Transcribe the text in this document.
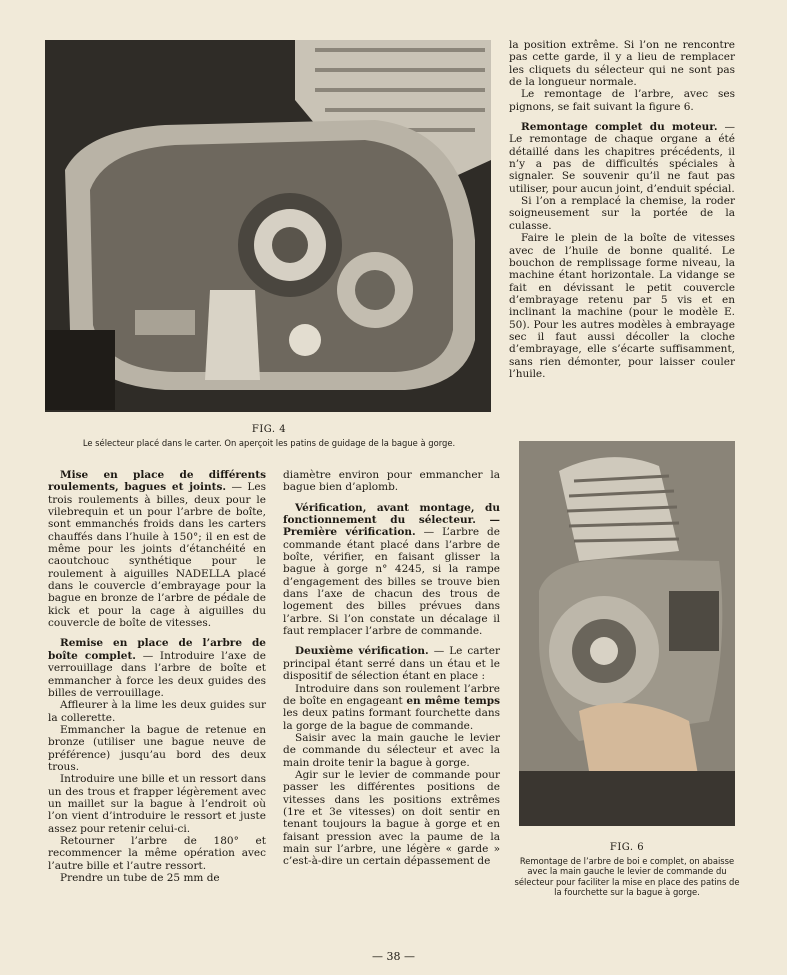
FIG. 4
Le sélecteur placé dans le carter. On aperçoit les patins de guidage de la bague à gorge.

la position extrême. Si l’on ne rencontre pas cette garde, il y a lieu de remplacer les cliquets du sélecteur qui ne sont pas de la longueur normale.

Le remontage de l’arbre, avec ses pignons, se fait suivant la figure 6.

Remontage complet du moteur. — Le remontage de chaque organe a été détaillé dans les chapitres précédents, il n’y a pas de difficultés spéciales à signaler. Se souvenir qu’il ne faut pas utiliser, pour aucun joint, d’enduit spécial.

Si l’on a remplacé la chemise, la roder soigneusement sur la portée de la culasse.

Faire le plein de la boîte de vitesses avec de l’huile de bonne qualité. Le bouchon de remplissage forme niveau, la machine étant horizontale. La vidange se fait en dévissant le petit couvercle d’embrayage retenu par 5 vis et en inclinant la machine (pour le modèle E. 50). Pour les autres modèles à embrayage sec il faut aussi décoller la cloche d’embrayage, elle s’écarte suffisamment, sans rien démonter, pour laisser couler l’huile.

Mise en place de différents roulements, bagues et joints. — Les trois roulements à billes, deux pour le vilebrequin et un pour l’arbre de boîte, sont emmanchés froids dans les carters chauffés dans l’huile à 150°; il en est de même pour les joints d’étanchéité en caoutchouc synthétique pour le roulement à aiguilles NADELLA placé dans le couvercle d’embrayage pour la bague en bronze de l’arbre de pédale de kick et pour la cage à aiguilles du couvercle de boîte de vitesses.

Remise en place de l’arbre de boîte complet. — Introduire l’axe de verrouillage dans l’arbre de boîte et emmancher à force les deux guides des billes de verrouillage.

Affleurer à la lime les deux guides sur la collerette.

Emmancher la bague de retenue en bronze (utiliser une bague neuve de préférence) jusqu’au bord des deux trous.

Introduire une bille et un ressort dans un des trous et frapper légèrement avec un maillet sur la bague à l’endroit où l’on vient d’introduire le ressort et juste assez pour retenir celui-ci.

Retourner l’arbre de 180° et recommencer la même opération avec l’autre bille et l’autre ressort.

Prendre un tube de 25 mm de

diamètre environ pour emmancher la bague bien d’aplomb.

Vérification, avant montage, du fonctionnement du sélecteur. — Première vérification. — L’arbre de commande étant placé dans l’arbre de boîte, vérifier, en faisant glisser la bague à gorge n° 4245, si la rampe d’engagement des billes se trouve bien dans l’axe de chacun des trous de logement des billes prévues dans l’arbre. Si l’on constate un décalage il faut remplacer l’arbre de commande.

Deuxième vérification. — Le carter principal étant serré dans un étau et le dispositif de sélection étant en place :

Introduire dans son roulement l’arbre de boîte en engageant en même temps les deux patins formant fourchette dans la gorge de la bague de commande.

Saisir avec la main gauche le levier de commande du sélecteur et avec la main droite tenir la bague à gorge.

Agir sur le levier de commande pour passer les différentes positions de vitesses dans les positions extrêmes (1re et 3e vitesses) on doit sentir en tenant toujours la bague à gorge et en faisant pression avec la paume de la main sur l’arbre, une légère « garde » c’est-à-dire un certain dépassement de

FIG. 6
Remontage de l’arbre de boi e complet, on abaisse avec la main gauche le levier de commande du sélecteur pour faciliter la mise en place des patins de la fourchette sur la bague à gorge.
— 38 —
